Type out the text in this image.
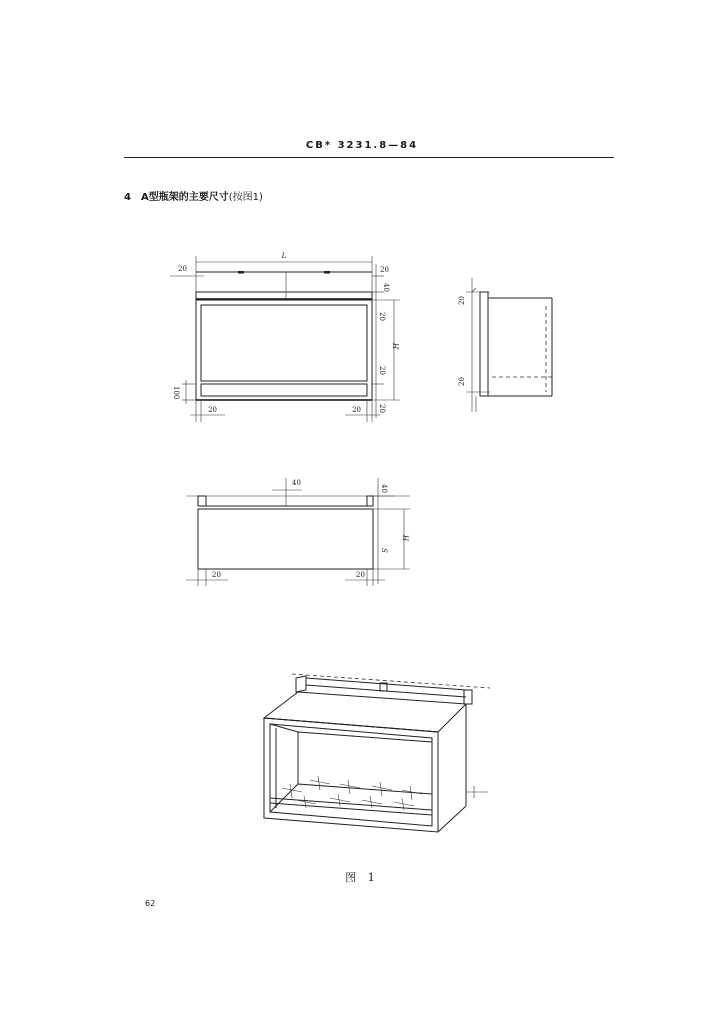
CB* 3231.8—84
4 A型瓶架的主要尺寸(按图1)
L
20	20
40
20
H
20
20
100
20	20
20
20
40
40
S
H
20	20
图 1
62
